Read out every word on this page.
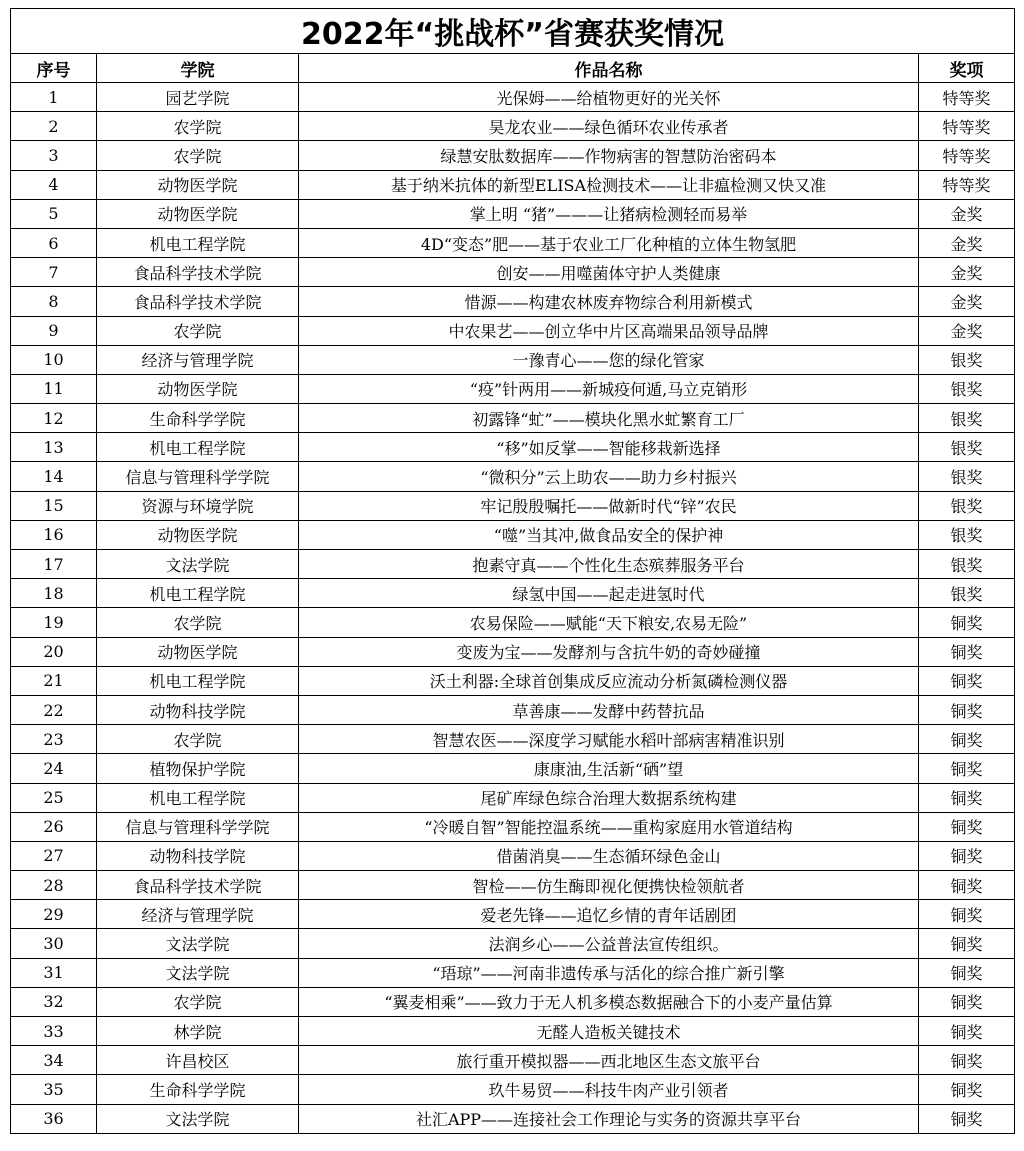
2022年“挑战杯”省赛获奖情况			
序号	学院	作品名称	奖项
1	园艺学院	光保姆——给植物更好的光关怀	特等奖
2	农学院	昊龙农业——绿色循环农业传承者	特等奖
3	农学院	绿慧安肽数据库——作物病害的智慧防治密码本	特等奖
4	动物医学院	基于纳米抗体的新型ELISA检测技术——让非瘟检测又快又准	特等奖
5	动物医学院	掌上明 “猪”———让猪病检测轻而易举	金奖
6	机电工程学院	4D“变态”肥——基于农业工厂化种植的立体生物氢肥	金奖
7	食品科学技术学院	创安——用噬菌体守护人类健康	金奖
8	食品科学技术学院	惜源——构建农林废弃物综合利用新模式	金奖
9	农学院	中农果艺——创立华中片区高端果品领导品牌	金奖
10	经济与管理学院	一豫青心——您的绿化管家	银奖
11	动物医学院	“疫”针两用——新城疫何遁,马立克销形	银奖
12	生命科学学院	初露锋“虻”——模块化黑水虻繁育工厂	银奖
13	机电工程学院	“移”如反掌——智能移栽新选择	银奖
14	信息与管理科学学院	“微积分”云上助农——助力乡村振兴	银奖
15	资源与环境学院	牢记殷殷嘱托——做新时代“锌”农民	银奖
16	动物医学院	“噬”当其冲,做食品安全的保护神	银奖
17	文法学院	抱素守真——个性化生态殡葬服务平台	银奖
18	机电工程学院	绿氢中国——起走进氢时代	银奖
19	农学院	农易保险——赋能“天下粮安,农易无险”	铜奖
20	动物医学院	变废为宝——发酵剂与含抗牛奶的奇妙碰撞	铜奖
21	机电工程学院	沃土利器:全球首创集成反应流动分析氮磷检测仪器	铜奖
22	动物科技学院	草善康——发酵中药替抗品	铜奖
23	农学院	智慧农医——深度学习赋能水稻叶部病害精准识别	铜奖
24	植物保护学院	康康油,生活新“硒”望	铜奖
25	机电工程学院	尾矿库绿色综合治理大数据系统构建	铜奖
26	信息与管理科学学院	“冷暖自智”智能控温系统——重构家庭用水管道结构	铜奖
27	动物科技学院	借菌消臭——生态循环绿色金山	铜奖
28	食品科学技术学院	智检——仿生酶即视化便携快检领航者	铜奖
29	经济与管理学院	爱老先锋——追忆乡情的青年话剧团	铜奖
30	文法学院	法润乡心——公益普法宣传组织。	铜奖
31	文法学院	“珸琼”——河南非遗传承与活化的综合推广新引擎	铜奖
32	农学院	“翼麦相乘”——致力于无人机多模态数据融合下的小麦产量估算	铜奖
33	林学院	无醛人造板关键技术	铜奖
34	许昌校区	旅行重开模拟器——西北地区生态文旅平台	铜奖
35	生命科学学院	玖牛易贸——科技牛肉产业引领者	铜奖
36	文法学院	社汇APP——连接社会工作理论与实务的资源共享平台	铜奖
